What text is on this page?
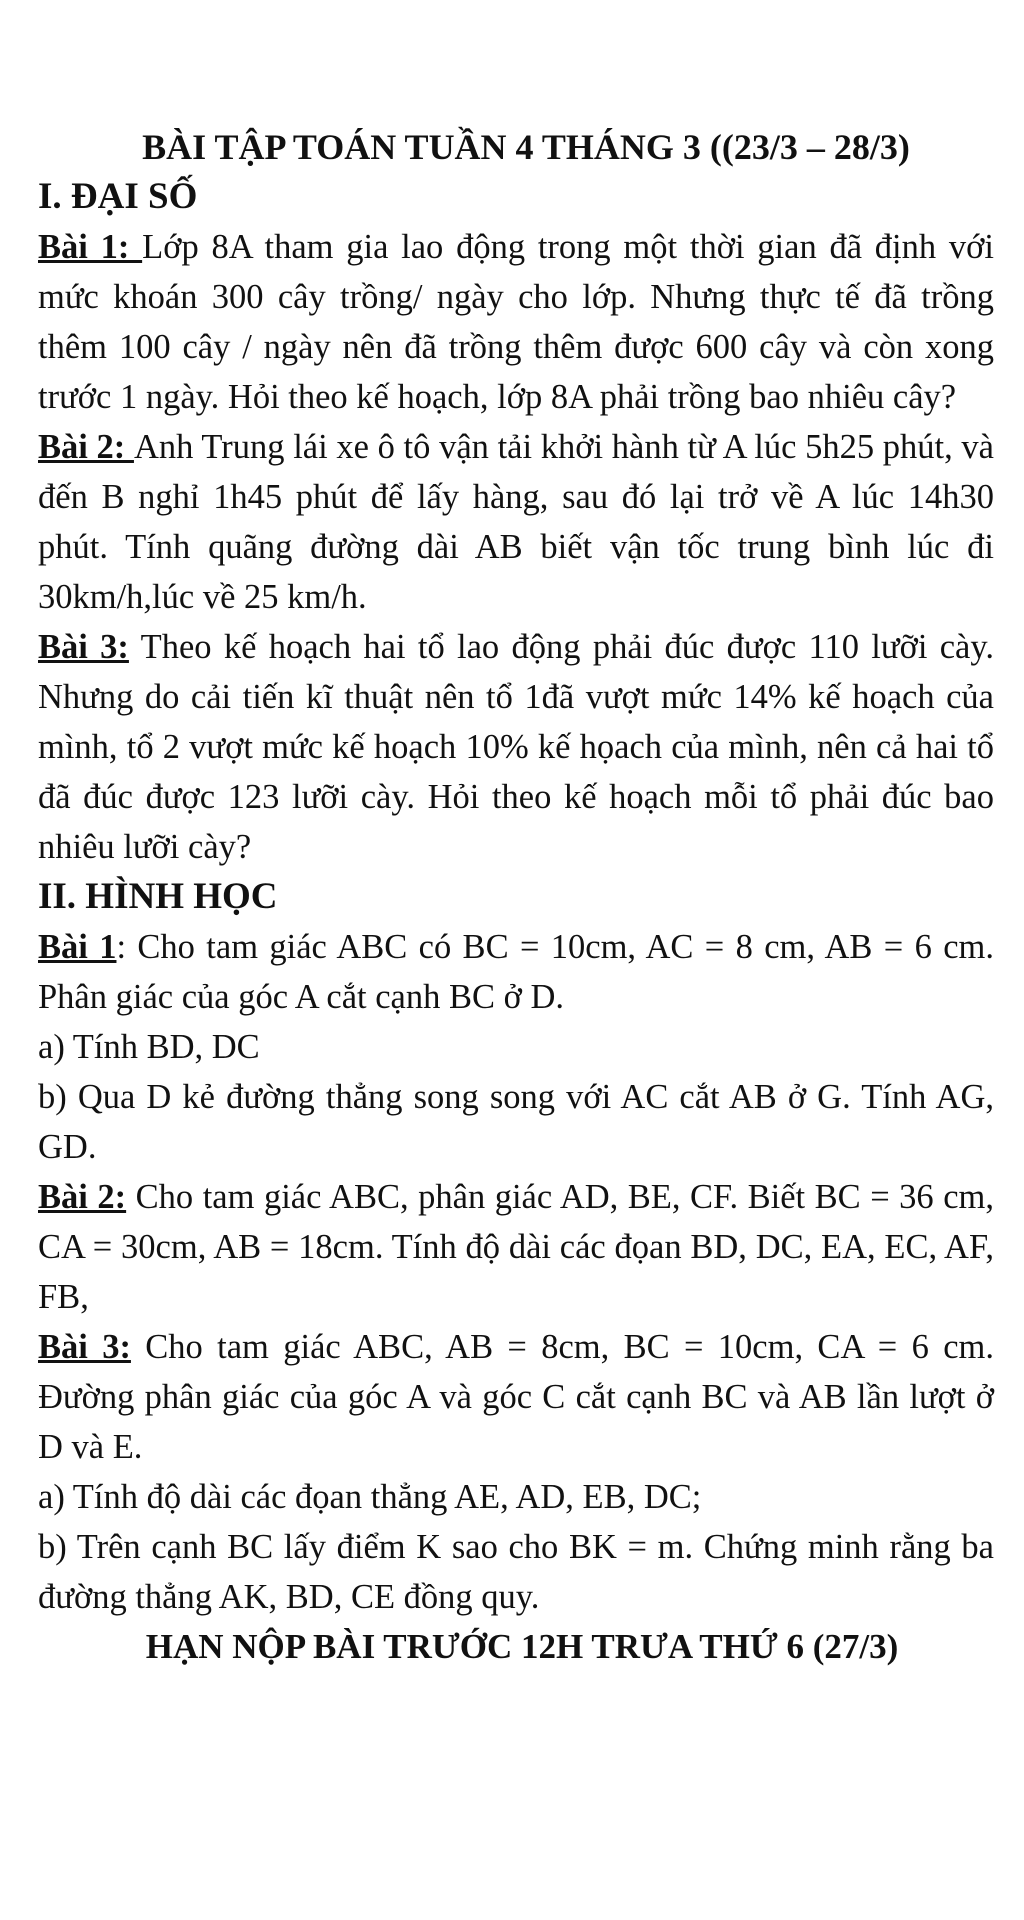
BÀI TẬP TOÁN TUẦN 4 THÁNG 3 ((23/3 – 28/3)
I. ĐẠI SỐ

Bài 1: Lớp 8A tham gia lao động trong một thời gian đã định với mức khoán 300 cây trồng/ ngày cho lớp. Nhưng thực tế đã trồng thêm 100 cây / ngày nên đã trồng thêm được 600 cây và còn xong trước 1 ngày. Hỏi theo kế hoạch, lớp 8A phải trồng bao nhiêu cây?

Bài 2: Anh Trung lái xe ô tô vận tải khởi hành từ A lúc 5h25 phút, và đến B nghỉ 1h45 phút để lấy hàng, sau đó lại trở về A lúc 14h30 phút. Tính quãng đường dài AB biết vận tốc trung bình lúc đi 30km/h,lúc về 25 km/h.

Bài 3: Theo kế hoạch hai tổ lao động phải đúc được 110 lưỡi cày. Nhưng do cải tiến kĩ thuật nên tổ 1đã vượt mức 14% kế hoạch của mình, tổ 2 vượt mức kế hoạch 10% kế họach của mình, nên cả hai tổ đã đúc được 123 lưỡi cày. Hỏi theo kế hoạch mỗi tổ phải đúc bao nhiêu lưỡi cày?

II. HÌNH HỌC

Bài 1: Cho tam giác ABC có BC = 10cm, AC = 8 cm, AB = 6 cm. Phân giác của góc A cắt cạnh BC ở D.

a) Tính BD, DC

b) Qua D kẻ đường thẳng song song với AC cắt AB ở G. Tính AG, GD.

Bài 2: Cho tam giác ABC, phân giác AD, BE, CF. Biết BC = 36 cm, CA = 30cm, AB = 18cm. Tính độ dài các đọan BD, DC, EA, EC, AF, FB,

Bài 3: Cho tam giác ABC, AB = 8cm, BC = 10cm, CA = 6 cm. Đường phân giác của góc A và góc C cắt cạnh BC và AB lần lượt ở D và E.

a) Tính độ dài các đọan thẳng AE, AD, EB, DC;

b) Trên cạnh BC lấy điểm K sao cho BK = m. Chứng minh rằng ba đường thẳng AK, BD, CE đồng quy.

HẠN NỘP BÀI TRƯỚC 12H TRƯA THỨ 6 (27/3)
